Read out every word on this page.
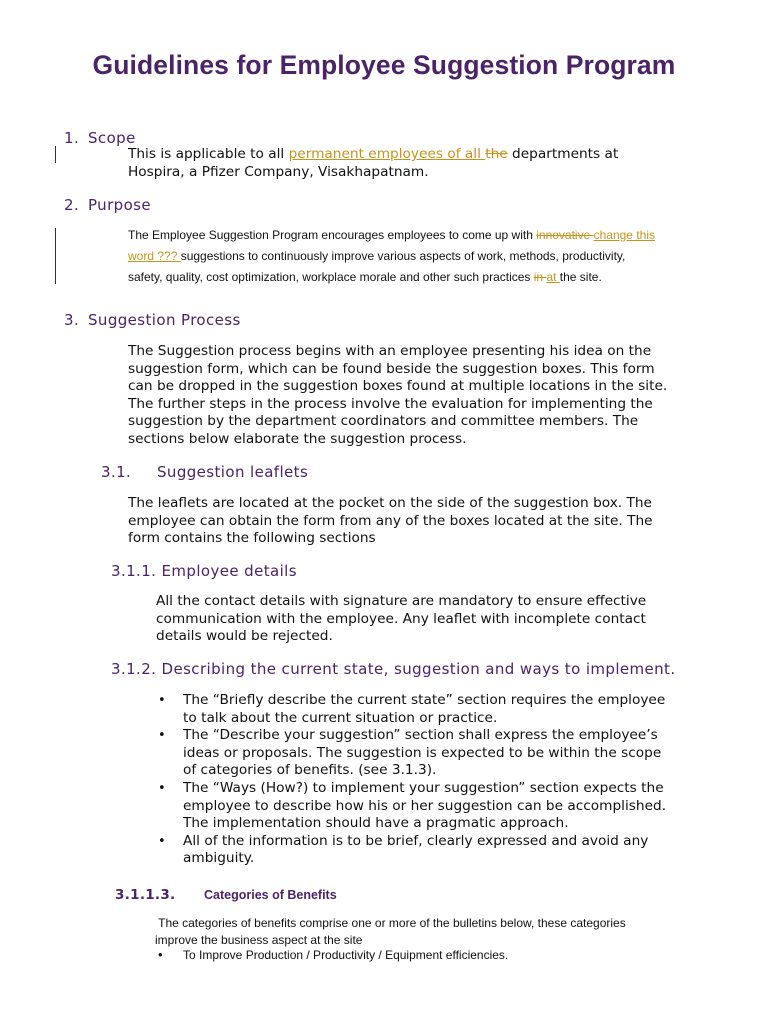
Guidelines for Employee Suggestion Program
1. Scope
This is applicable to all permanent employees of all the departments at
Hospira, a Pfizer Company, Visakhapatnam.
2. Purpose
The Employee Suggestion Program encourages employees to come up with innovative change this
word ??? suggestions to continuously improve various aspects of work, methods, productivity,
safety, quality, cost optimization, workplace morale and other such practices in at the site.
3. Suggestion Process
The Suggestion process begins with an employee presenting his idea on the
suggestion form, which can be found beside the suggestion boxes. This form
can be dropped in the suggestion boxes found at multiple locations in the site.
The further steps in the process involve the evaluation for implementing the
suggestion by the department coordinators and committee members. The
sections below elaborate the suggestion process.
3.1. Suggestion leaflets
The leaflets are located at the pocket on the side of the suggestion box. The
employee can obtain the form from any of the boxes located at the site. The
form contains the following sections
3.1.1. Employee details
All the contact details with signature are mandatory to ensure effective
communication with the employee. Any leaflet with incomplete contact
details would be rejected.
3.1.2. Describing the current state, suggestion and ways to implement.
• The “Briefly describe the current state” section requires the employee
to talk about the current situation or practice.
• The “Describe your suggestion” section shall express the employee’s
ideas or proposals. The suggestion is expected to be within the scope
of categories of benefits. (see 3.1.3).
• The “Ways (How?) to implement your suggestion” section expects the
employee to describe how his or her suggestion can be accomplished.
The implementation should have a pragmatic approach.
• All of the information is to be brief, clearly expressed and avoid any
ambiguity.
3.1.1.3. Categories of Benefits
The categories of benefits comprise one or more of the bulletins below, these categories
improve the business aspect at the site
• To Improve Production / Productivity / Equipment efficiencies.
